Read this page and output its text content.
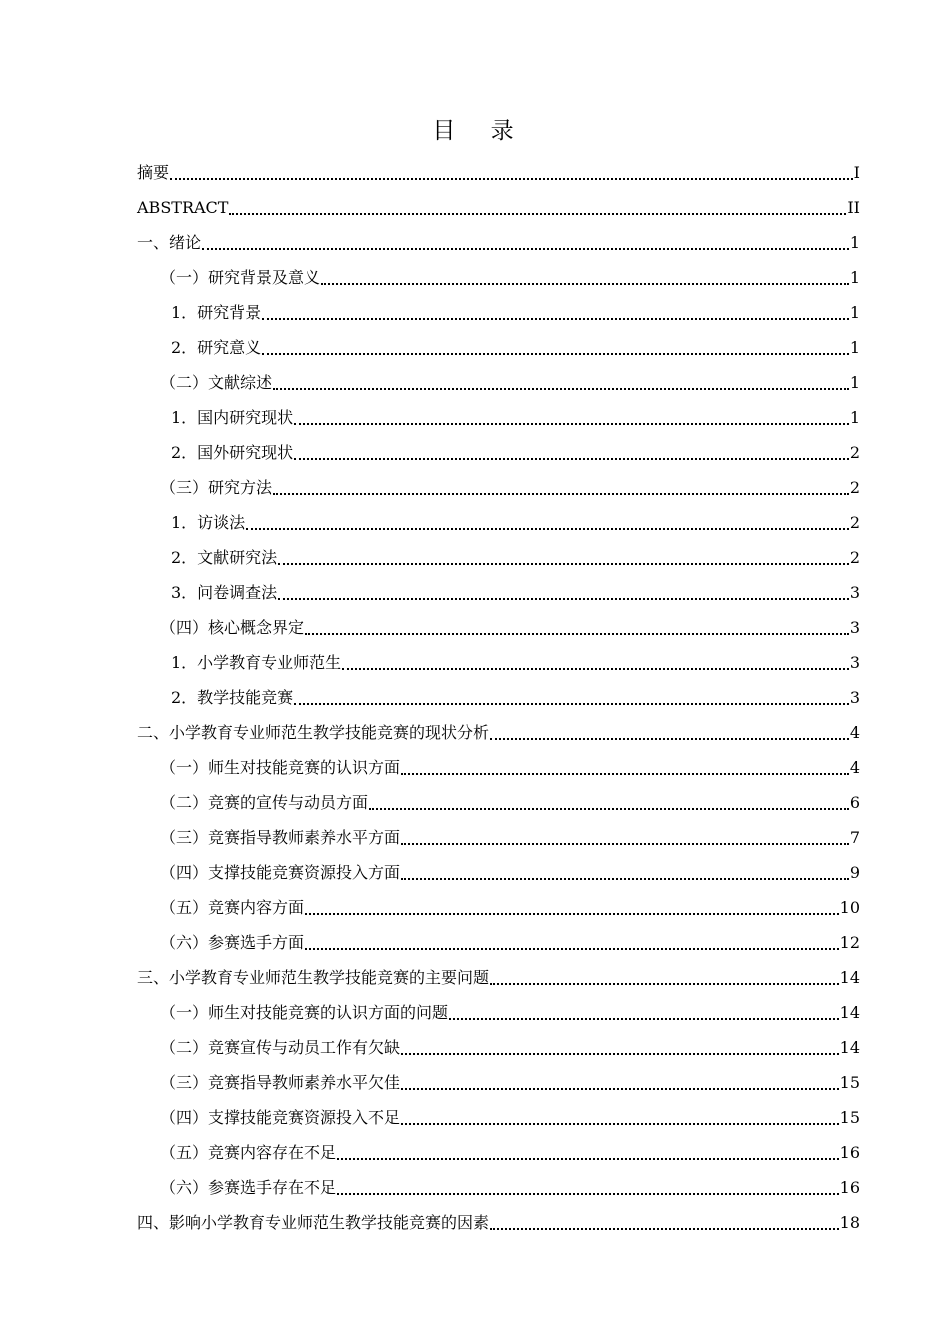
目 录
摘要	I
ABSTRACT	II
一、绪论	1
（一）研究背景及意义	1
1．研究背景	1
2．研究意义	1
（二）文献综述	1
1．国内研究现状	1
2．国外研究现状	2
（三）研究方法	2
1．访谈法	2
2．文献研究法	2
3．问卷调查法	3
（四）核心概念界定	3
1．小学教育专业师范生	3
2．教学技能竞赛	3
二、小学教育专业师范生教学技能竞赛的现状分析	4
（一）师生对技能竞赛的认识方面	4
（二）竞赛的宣传与动员方面	6
（三）竞赛指导教师素养水平方面	7
（四）支撑技能竞赛资源投入方面	9
（五）竞赛内容方面	10
（六）参赛选手方面	12
三、小学教育专业师范生教学技能竞赛的主要问题	14
（一）师生对技能竞赛的认识方面的问题	14
（二）竞赛宣传与动员工作有欠缺	14
（三）竞赛指导教师素养水平欠佳	15
（四）支撑技能竞赛资源投入不足	15
（五）竞赛内容存在不足	16
（六）参赛选手存在不足	16
四、影响小学教育专业师范生教学技能竞赛的因素	18
